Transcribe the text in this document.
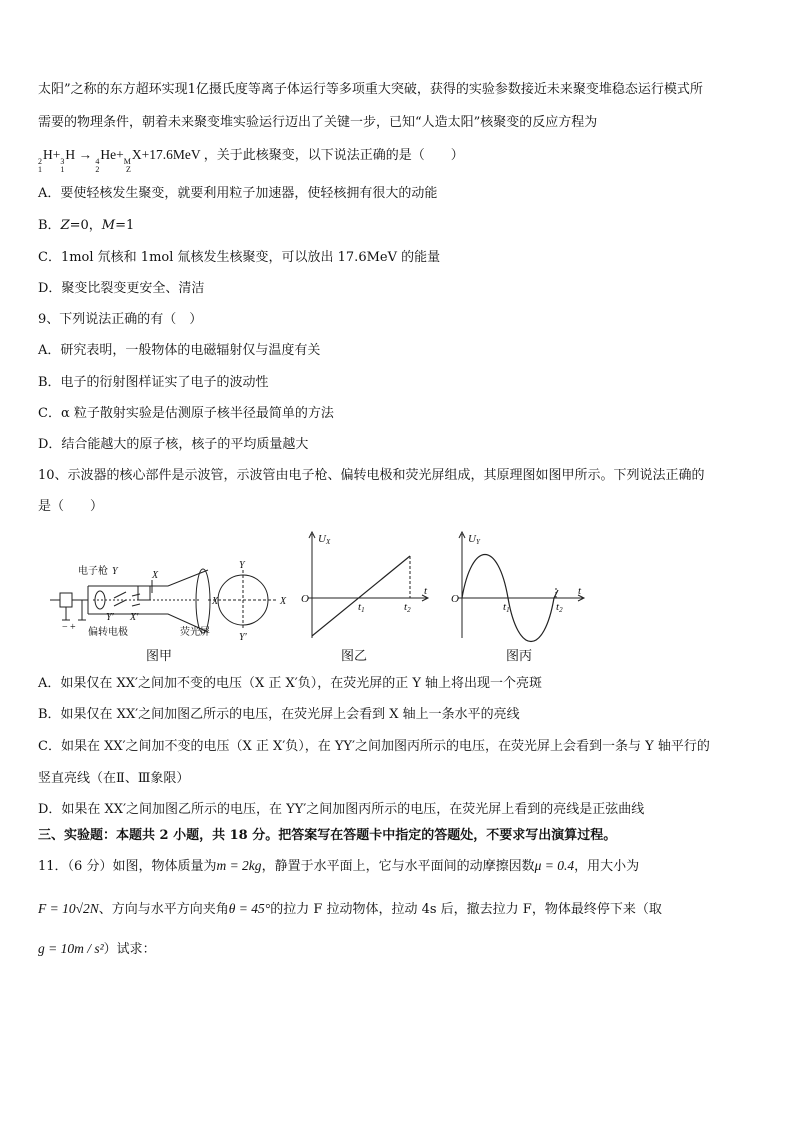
太阳”之称的东方超环实现1亿摄氏度等离子体运行等多项重大突破，获得的实验参数接近未来聚变堆稳态运行模式所
需要的物理条件，朝着未来聚变堆实验运行迈出了关键一步，已知“人造太阳”核聚变的反应方程为
2
1
H+ 3
1
H → 4
2
He+ M
Z
X+17.6MeV ，关于此核聚变，以下说法正确的是（　　）
A．要使轻核发生聚变，就要利用粒子加速器，使轻核拥有很大的动能
B．Z=0，M=1
C．1mol 氘核和 1mol 氚核发生核聚变，可以放出 17.6MeV 的能量
D．聚变比裂变更安全、清洁
9、下列说法正确的有（　）
A．研究表明，一般物体的电磁辐射仅与温度有关
B．电子的衍射图样证实了电子的波动性
C．α 粒子散射实验是估测原子核半径最简单的方法
D．结合能越大的原子核，核子的平均质量越大
10、示波器的核心部件是示波管，示波管由电子枪、偏转电极和荧光屏组成，其原理图如图甲所示。下列说法正确的
是（　　）
电子枪 Y	X
Y′ X′
X	X
Y
Y′
− + 偏转电极	荧光屏
图甲
UX
O
t1	t2
t
图乙
UY
O
t1	t2
t
图丙
A．如果仅在 XX′之间加不变的电压（X 正 X′负），在荧光屏的正 Y 轴上将出现一个亮斑
B．如果仅在 XX′之间加图乙所示的电压，在荧光屏上会看到 X 轴上一条水平的亮线
C．如果在 XX′之间加不变的电压（X 正 X′负），在 YY′之间加图丙所示的电压，在荧光屏上会看到一条与 Y 轴平行的
竖直亮线（在Ⅱ、Ⅲ象限）
D．如果在 XX′之间加图乙所示的电压，在 YY′之间加图丙所示的电压，在荧光屏上看到的亮线是正弦曲线
三、实验题：本题共 2 小题，共 18 分。把答案写在答题卡中指定的答题处，不要求写出演算过程。
11．（6 分）如图，物体质量为m = 2kg，静置于水平面上，它与水平面间的动摩擦因数μ = 0.4，用大小为
F = 10√2N、方向与水平方向夹角θ = 45°的拉力 F 拉动物体，拉动 4s 后，撤去拉力 F，物体最终停下来（取
g = 10m / s²）试求：
